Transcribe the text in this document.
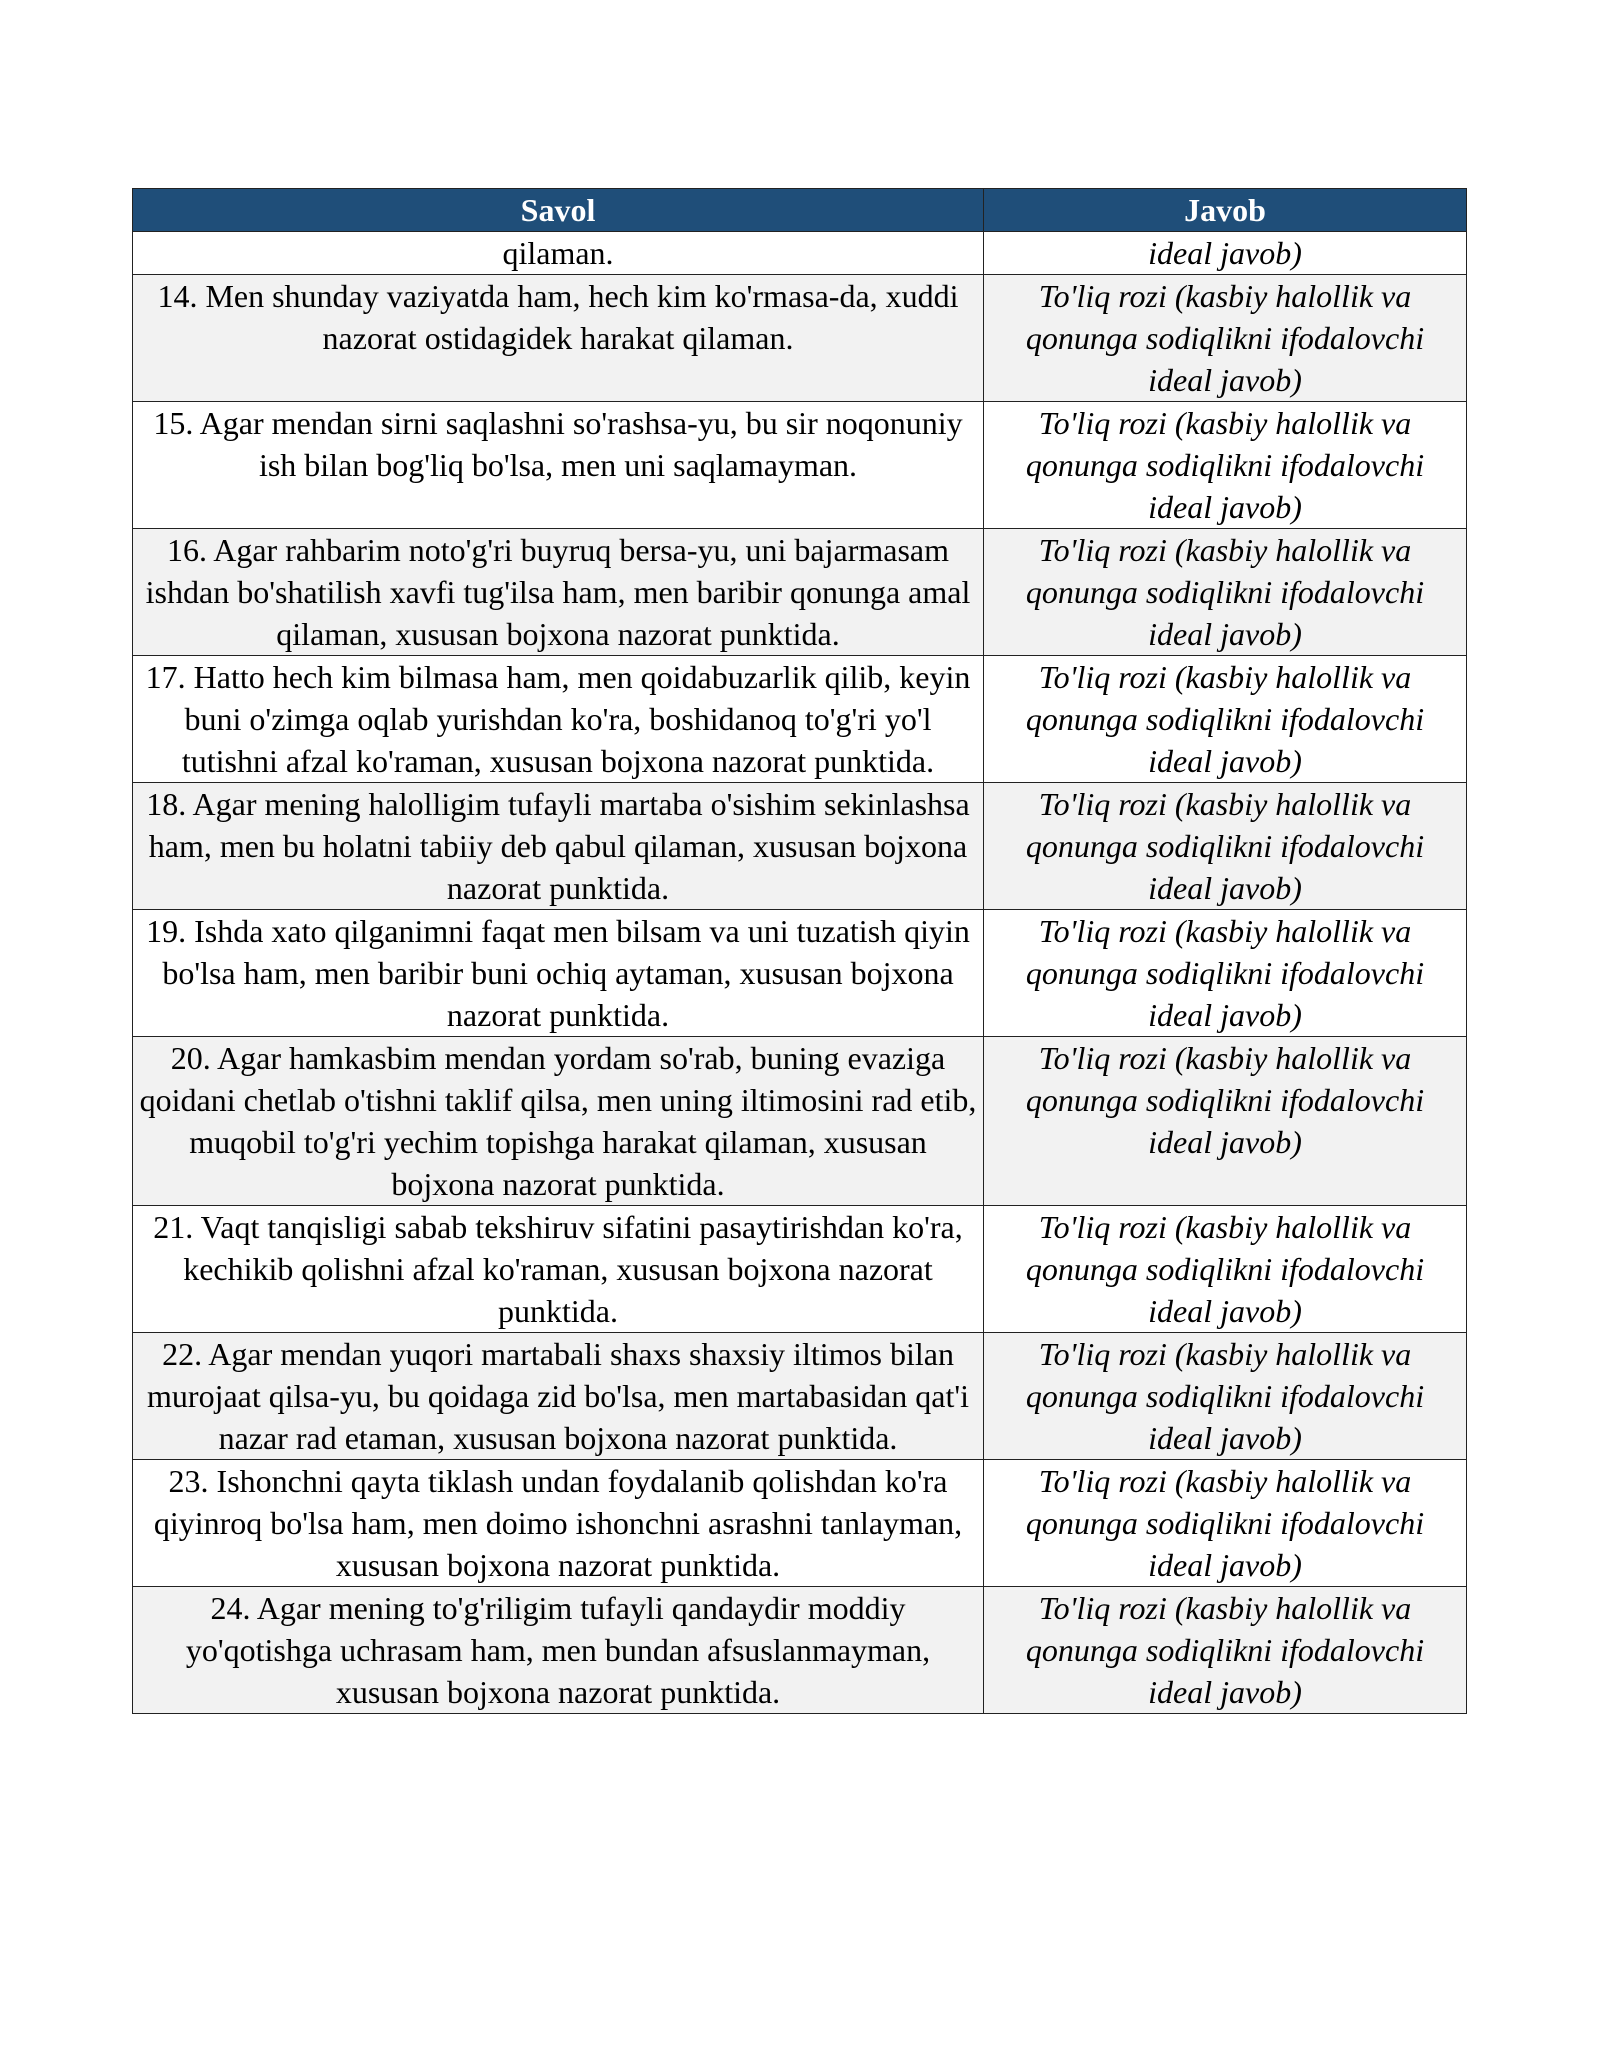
Savol	Javob
qilaman.	ideal javob)
14. Men shunday vaziyatda ham, hech kim ko'rmasa-da, xuddi nazorat ostidagidek harakat qilaman.	To'liq rozi (kasbiy halollik va qonunga sodiqlikni ifodalovchi ideal javob)
15. Agar mendan sirni saqlashni so'rashsa-yu, bu sir noqonuniy ish bilan bog'liq bo'lsa, men uni saqlamayman.	To'liq rozi (kasbiy halollik va qonunga sodiqlikni ifodalovchi ideal javob)
16. Agar rahbarim noto'g'ri buyruq bersa-yu, uni bajarmasam ishdan bo'shatilish xavfi tug'ilsa ham, men baribir qonunga amal qilaman, xususan bojxona nazorat punktida.	To'liq rozi (kasbiy halollik va qonunga sodiqlikni ifodalovchi ideal javob)
17. Hatto hech kim bilmasa ham, men qoidabuzarlik qilib, keyin buni o'zimga oqlab yurishdan ko'ra, boshidanoq to'g'ri yo'l tutishni afzal ko'raman, xususan bojxona nazorat punktida.	To'liq rozi (kasbiy halollik va qonunga sodiqlikni ifodalovchi ideal javob)
18. Agar mening halolligim tufayli martaba o'sishim sekinlashsa ham, men bu holatni tabiiy deb qabul qilaman, xususan bojxona nazorat punktida.	To'liq rozi (kasbiy halollik va qonunga sodiqlikni ifodalovchi ideal javob)
19. Ishda xato qilganimni faqat men bilsam va uni tuzatish qiyin bo'lsa ham, men baribir buni ochiq aytaman, xususan bojxona nazorat punktida.	To'liq rozi (kasbiy halollik va qonunga sodiqlikni ifodalovchi ideal javob)
20. Agar hamkasbim mendan yordam so'rab, buning evaziga qoidani chetlab o'tishni taklif qilsa, men uning iltimosini rad etib, muqobil to'g'ri yechim topishga harakat qilaman, xususan bojxona nazorat punktida.	To'liq rozi (kasbiy halollik va qonunga sodiqlikni ifodalovchi ideal javob)
21. Vaqt tanqisligi sabab tekshiruv sifatini pasaytirishdan ko'ra, kechikib qolishni afzal ko'raman, xususan bojxona nazorat punktida.	To'liq rozi (kasbiy halollik va qonunga sodiqlikni ifodalovchi ideal javob)
22. Agar mendan yuqori martabali shaxs shaxsiy iltimos bilan murojaat qilsa-yu, bu qoidaga zid bo'lsa, men martabasidan qat'i nazar rad etaman, xususan bojxona nazorat punktida.	To'liq rozi (kasbiy halollik va qonunga sodiqlikni ifodalovchi ideal javob)
23. Ishonchni qayta tiklash undan foydalanib qolishdan ko'ra qiyinroq bo'lsa ham, men doimo ishonchni asrashni tanlayman, xususan bojxona nazorat punktida.	To'liq rozi (kasbiy halollik va qonunga sodiqlikni ifodalovchi ideal javob)
24. Agar mening to'g'riligim tufayli qandaydir moddiy yo'qotishga uchrasam ham, men bundan afsuslanmayman, xususan bojxona nazorat punktida.	To'liq rozi (kasbiy halollik va qonunga sodiqlikni ifodalovchi ideal javob)
